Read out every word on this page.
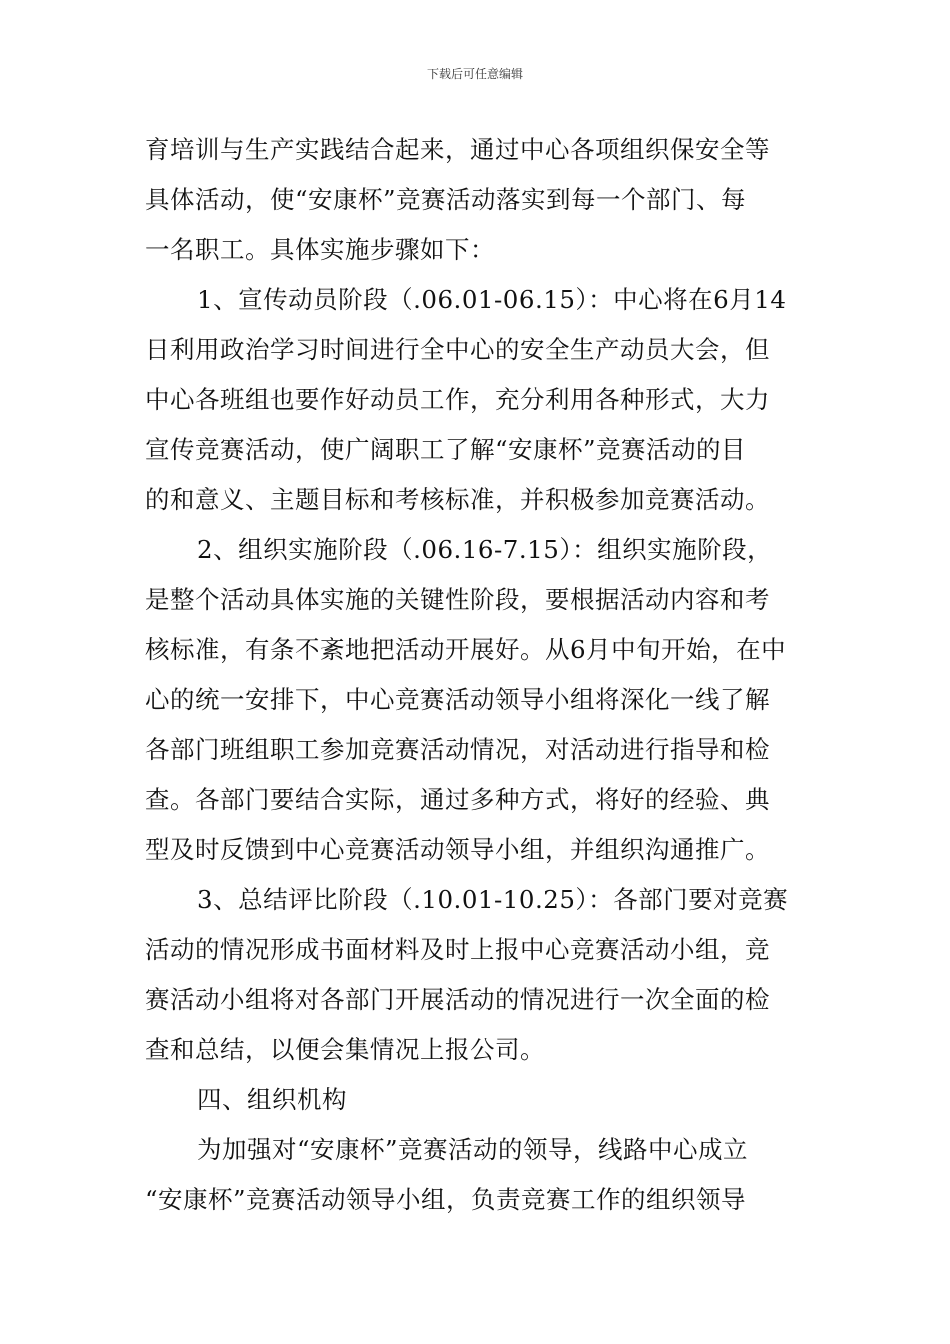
下载后可任意编辑
育培训与生产实践结合起来，通过中心各项组织保安全等
具体活动，使“安康杯”竞赛活动落实到每一个部门、每
一名职工。具体实施步骤如下：
1、宣传动员阶段（.06.01-06.15）：中心将在6月14
日利用政治学习时间进行全中心的安全生产动员大会，但
中心各班组也要作好动员工作，充分利用各种形式，大力
宣传竞赛活动，使广阔职工了解“安康杯”竞赛活动的目
的和意义、主题目标和考核标准，并积极参加竞赛活动。
2、组织实施阶段（.06.16-7.15）：组织实施阶段，
是整个活动具体实施的关键性阶段，要根据活动内容和考
核标准，有条不紊地把活动开展好。从6月中旬开始，在中
心的统一安排下，中心竞赛活动领导小组将深化一线了解
各部门班组职工参加竞赛活动情况，对活动进行指导和检
查。各部门要结合实际，通过多种方式，将好的经验、典
型及时反馈到中心竞赛活动领导小组，并组织沟通推广。
3、总结评比阶段（.10.01-10.25）：各部门要对竞赛
活动的情况形成书面材料及时上报中心竞赛活动小组，竞
赛活动小组将对各部门开展活动的情况进行一次全面的检
查和总结，以便会集情况上报公司。
四、组织机构
为加强对“安康杯”竞赛活动的领导，线路中心成立
“安康杯”竞赛活动领导小组，负责竞赛工作的组织领导
